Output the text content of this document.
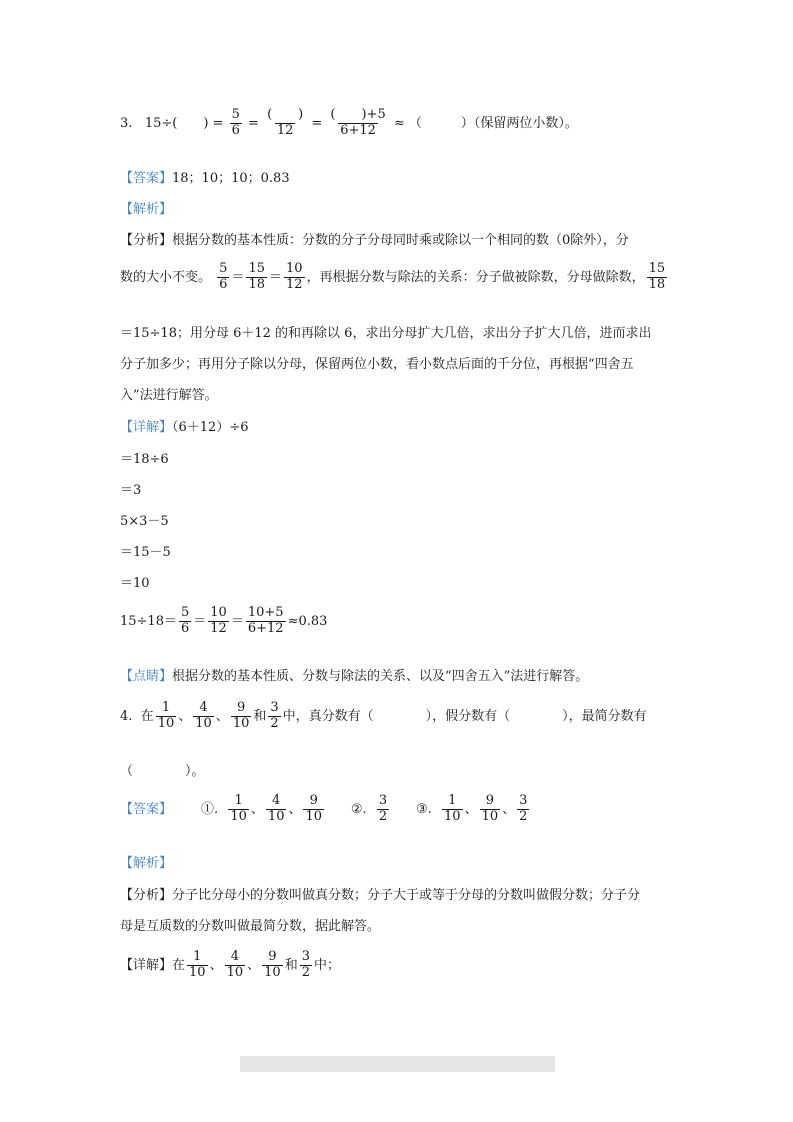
3. 15÷( ) = $\frac{5}{6} = \frac{( )}{12} = \frac{( )+5}{6+12}$ ≈ （　　　）（保留两位小数）。
【答案】18；10；10；0.83
【解析】
【分析】根据分数的基本性质：分数的分子分母同时乘或除以一个相同的数（0除外），分
数的大小不变。 $\frac{5}{6} = \frac{15}{18} = \frac{10}{12}$ ，再根据分数与除法的关系：分子做被除数，分母做除数， $\frac{15}{18}$
＝15÷18；用分母 6＋12 的和再除以 6，求出分母扩大几倍，求出分子扩大几倍，进而求出
分子加多少；再用分子除以分母，保留两位小数，看小数点后面的千分位，再根据“四舍五
入”法进行解答。
【详解】（6＋12）÷6
＝18÷6
＝3
5×3－5
＝15－5
＝10
$15\div 18= \frac{5}{6} = \frac{10}{12} = \frac{10+5}{6+12} \approx 0.83$
【点睛】根据分数的基本性质、分数与除法的关系、以及“四舍五入”法进行解答。
4. 在 $\frac{1}{10}$ 、 $\frac{4}{10}$ 、 $\frac{9}{10}$ 和 $\frac{3}{2}$ 中，真分数有（　　　　），假分数有（　　　　），最简分数有
（　　　　）。
【答案】 ①. $\frac{1}{10}$ 、 $\frac{4}{10}$ 、 $\frac{9}{10}$ ②. $\frac{3}{2}$ ③. $\frac{1}{10}$ 、 $\frac{9}{10}$ 、 $\frac{3}{2}$
【解析】
【分析】分子比分母小的分数叫做真分数；分子大于或等于分母的分数叫做假分数；分子分
母是互质数的分数叫做最简分数，据此解答。
【详解】在 $\frac{1}{10}$ 、 $\frac{4}{10}$ 、 $\frac{9}{10}$ 和 $\frac{3}{2}$ 中；
